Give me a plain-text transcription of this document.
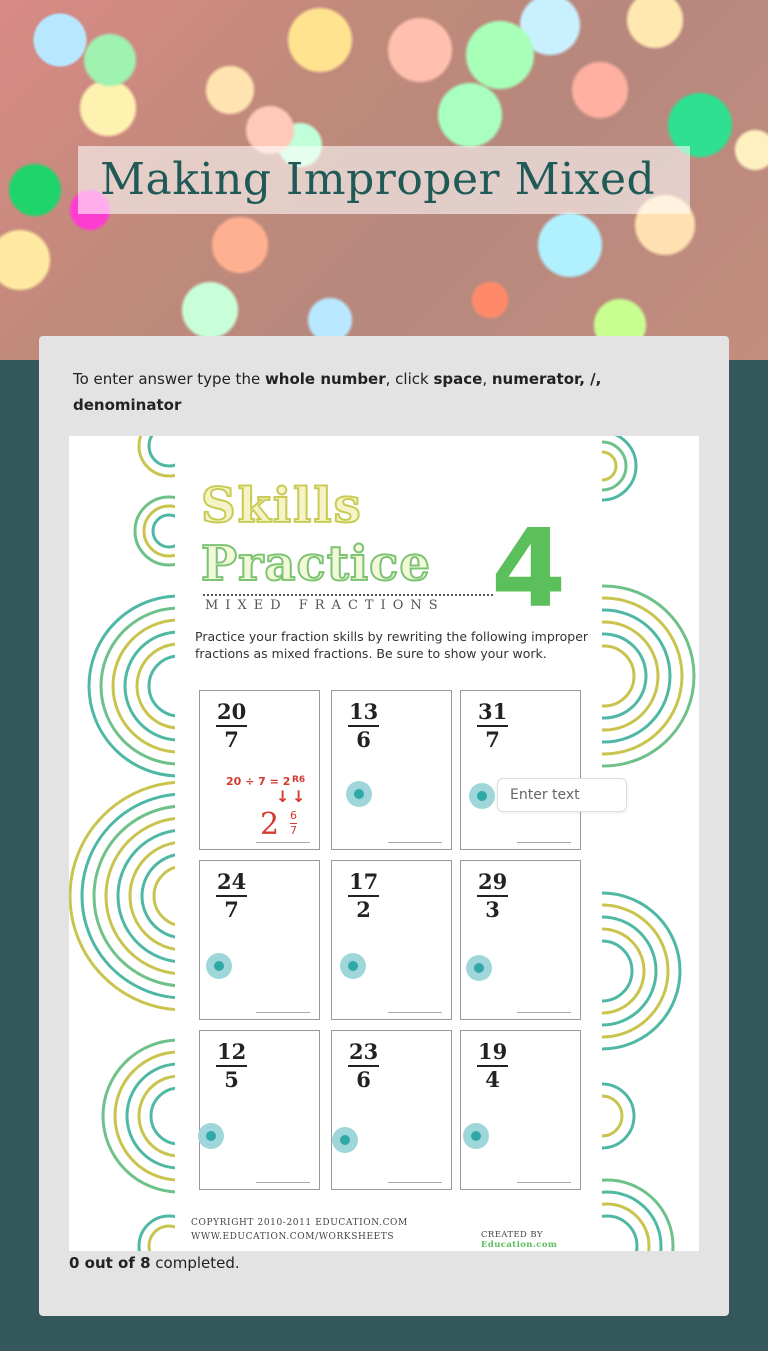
Making Improper Mixed

To enter answer type the whole number, click space, numerator, /, denominator

Skills
Practice 4
MIXED FRACTIONS
Practice your fraction skills by rewriting the following improper fractions as mixed fractions. Be sure to show your work.
20
7
20 ÷ 7 = 2 R6
↓ ↓
2 6
7
13
6
31
7
24
7
17
2
29
3
12
5
23
6
19
4
COPYRIGHT 2010-2011 EDUCATION.COM
WWW.EDUCATION.COM/WORKSHEETS	CREATED BY Education.com
Enter text
0 out of 8 completed.
